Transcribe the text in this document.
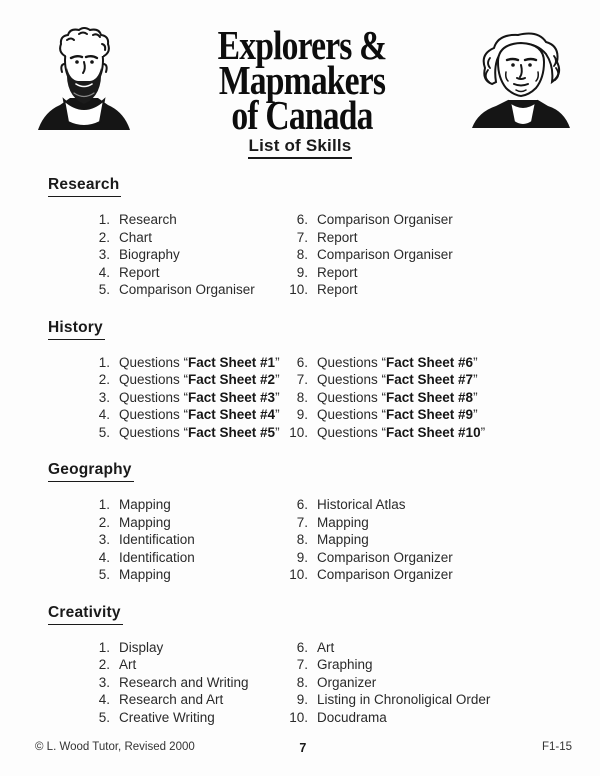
Explorers & Mapmakers
of Canada
List of Skills
Research
1. Research
2. Chart
3. Biography
4. Report
5. Comparison Organiser
6. Comparison Organiser
7. Report
8. Comparison Organiser
9. Report
10. Report
History
1. Questions “Fact Sheet #1”
2. Questions “Fact Sheet #2”
3. Questions “Fact Sheet #3”
4. Questions “Fact Sheet #4”
5. Questions “Fact Sheet #5”
6. Questions “Fact Sheet #6”
7. Questions “Fact Sheet #7”
8. Questions “Fact Sheet #8”
9. Questions “Fact Sheet #9”
10. Questions “Fact Sheet #10”
Geography
1. Mapping
2. Mapping
3. Identification
4. Identification
5. Mapping
6. Historical Atlas
7. Mapping
8. Mapping
9. Comparison Organizer
10. Comparison Organizer
Creativity
1. Display
2. Art
3. Research and Writing
4. Research and Art
5. Creative Writing
6. Art
7. Graphing
8. Organizer
9. Listing in Chronoligical Order
10. Docudrama
© L. Wood Tutor, Revised 2000	7	F1-15
